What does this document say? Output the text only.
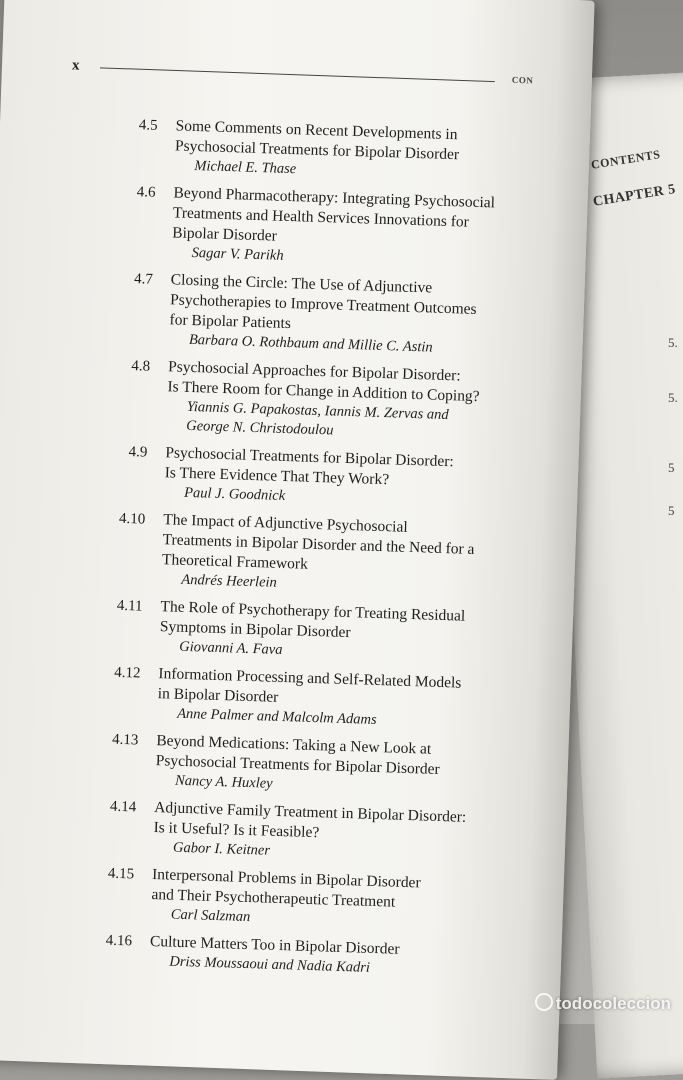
CONTENTS
CHAPTER 5
5.
5.
5
5
x
CON
4.5 Some Comments on Recent Developments in
Psychosocial Treatments for Bipolar Disorder
Michael E. Thase
4.6 Beyond Pharmacotherapy: Integrating Psychosocial
Treatments and Health Services Innovations for
Bipolar Disorder
Sagar V. Parikh
4.7 Closing the Circle: The Use of Adjunctive
Psychotherapies to Improve Treatment Outcomes
for Bipolar Patients
Barbara O. Rothbaum and Millie C. Astin
4.8 Psychosocial Approaches for Bipolar Disorder:
Is There Room for Change in Addition to Coping?
Yiannis G. Papakostas, Iannis M. Zervas and
George N. Christodoulou
4.9 Psychosocial Treatments for Bipolar Disorder:
Is There Evidence That They Work?
Paul J. Goodnick
4.10 The Impact of Adjunctive Psychosocial
Treatments in Bipolar Disorder and the Need for a
Theoretical Framework
Andrés Heerlein
4.11 The Role of Psychotherapy for Treating Residual
Symptoms in Bipolar Disorder
Giovanni A. Fava
4.12 Information Processing and Self-Related Models
in Bipolar Disorder
Anne Palmer and Malcolm Adams
4.13 Beyond Medications: Taking a New Look at
Psychosocial Treatments for Bipolar Disorder
Nancy A. Huxley
4.14 Adjunctive Family Treatment in Bipolar Disorder:
Is it Useful? Is it Feasible?
Gabor I. Keitner
4.15 Interpersonal Problems in Bipolar Disorder
and Their Psychotherapeutic Treatment
Carl Salzman
4.16 Culture Matters Too in Bipolar Disorder
Driss Moussaoui and Nadia Kadri
todocoleccion
